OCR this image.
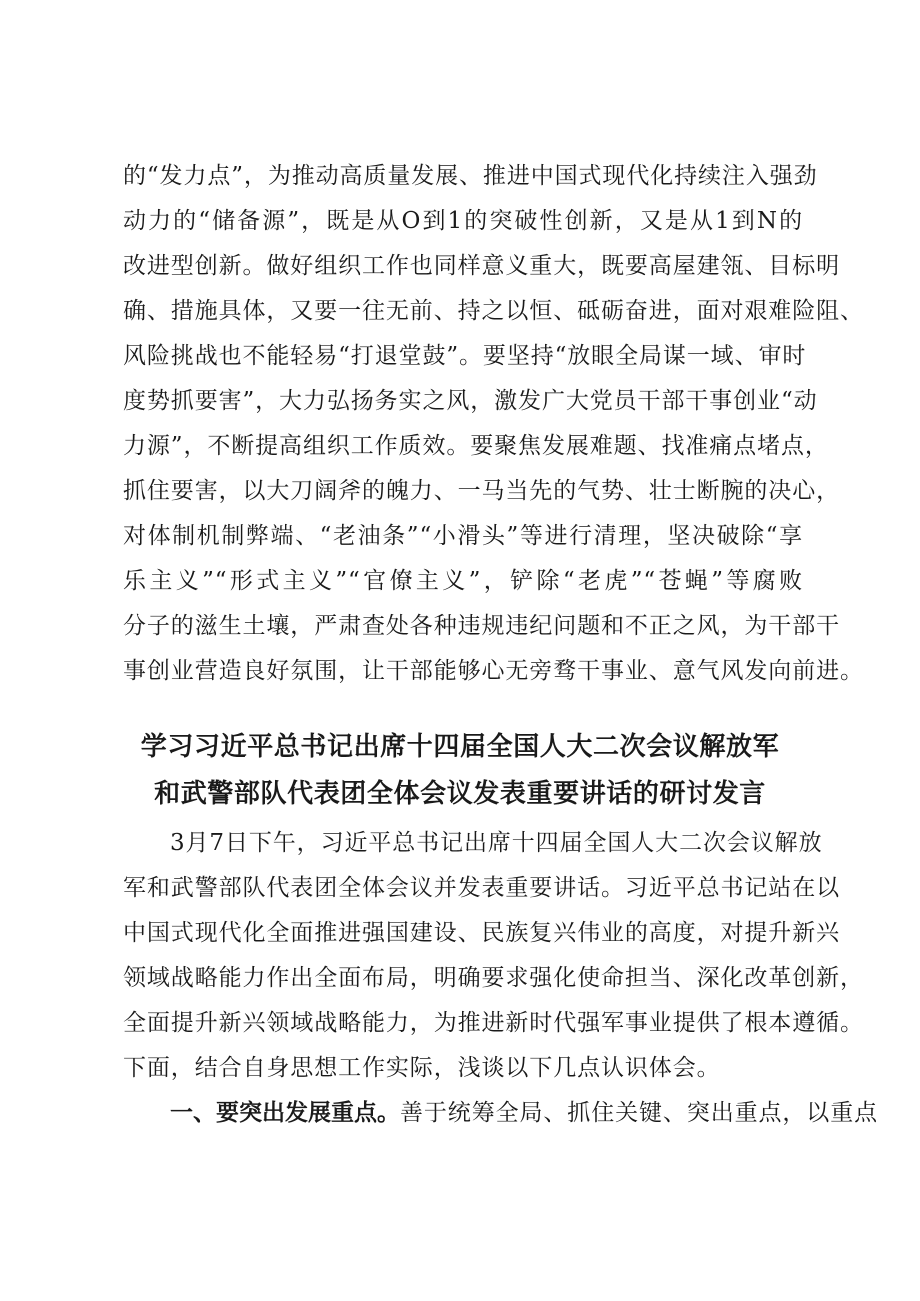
的“发力点”，为推动高质量发展、推进中国式现代化持续注入强劲
动力的“储备源”，既是从O到1的突破性创新，又是从1到N的
改进型创新。做好组织工作也同样意义重大，既要高屋建瓴、目标明
确、措施具体，又要一往无前、持之以恒、砥砺奋进，面对艰难险阻、
风险挑战也不能轻易“打退堂鼓”。要坚持“放眼全局谋一域、审时
度势抓要害”，大力弘扬务实之风，激发广大党员干部干事创业“动
力源”，不断提高组织工作质效。要聚焦发展难题、找准痛点堵点，
抓住要害，以大刀阔斧的魄力、一马当先的气势、壮士断腕的决心，
对体制机制弊端、“老油条”“小滑头”等进行清理，坚决破除“享
乐主义”“形式主义”“官僚主义”，铲除“老虎”“苍蝇”等腐败
分子的滋生土壤，严肃查处各种违规违纪问题和不正之风，为干部干
事创业营造良好氛围，让干部能够心无旁骛干事业、意气风发向前进。
学习习近平总书记出席十四届全国人大二次会议解放军
和武警部队代表团全体会议发表重要讲话的研讨发言
3月7日下午，习近平总书记出席十四届全国人大二次会议解放
军和武警部队代表团全体会议并发表重要讲话。习近平总书记站在以
中国式现代化全面推进强国建设、民族复兴伟业的高度，对提升新兴
领域战略能力作出全面布局，明确要求强化使命担当、深化改革创新，
全面提升新兴领域战略能力，为推进新时代强军事业提供了根本遵循。
下面，结合自身思想工作实际，浅谈以下几点认识体会。
一、要突出发展重点。善于统筹全局、抓住关键、突出重点，以重点
